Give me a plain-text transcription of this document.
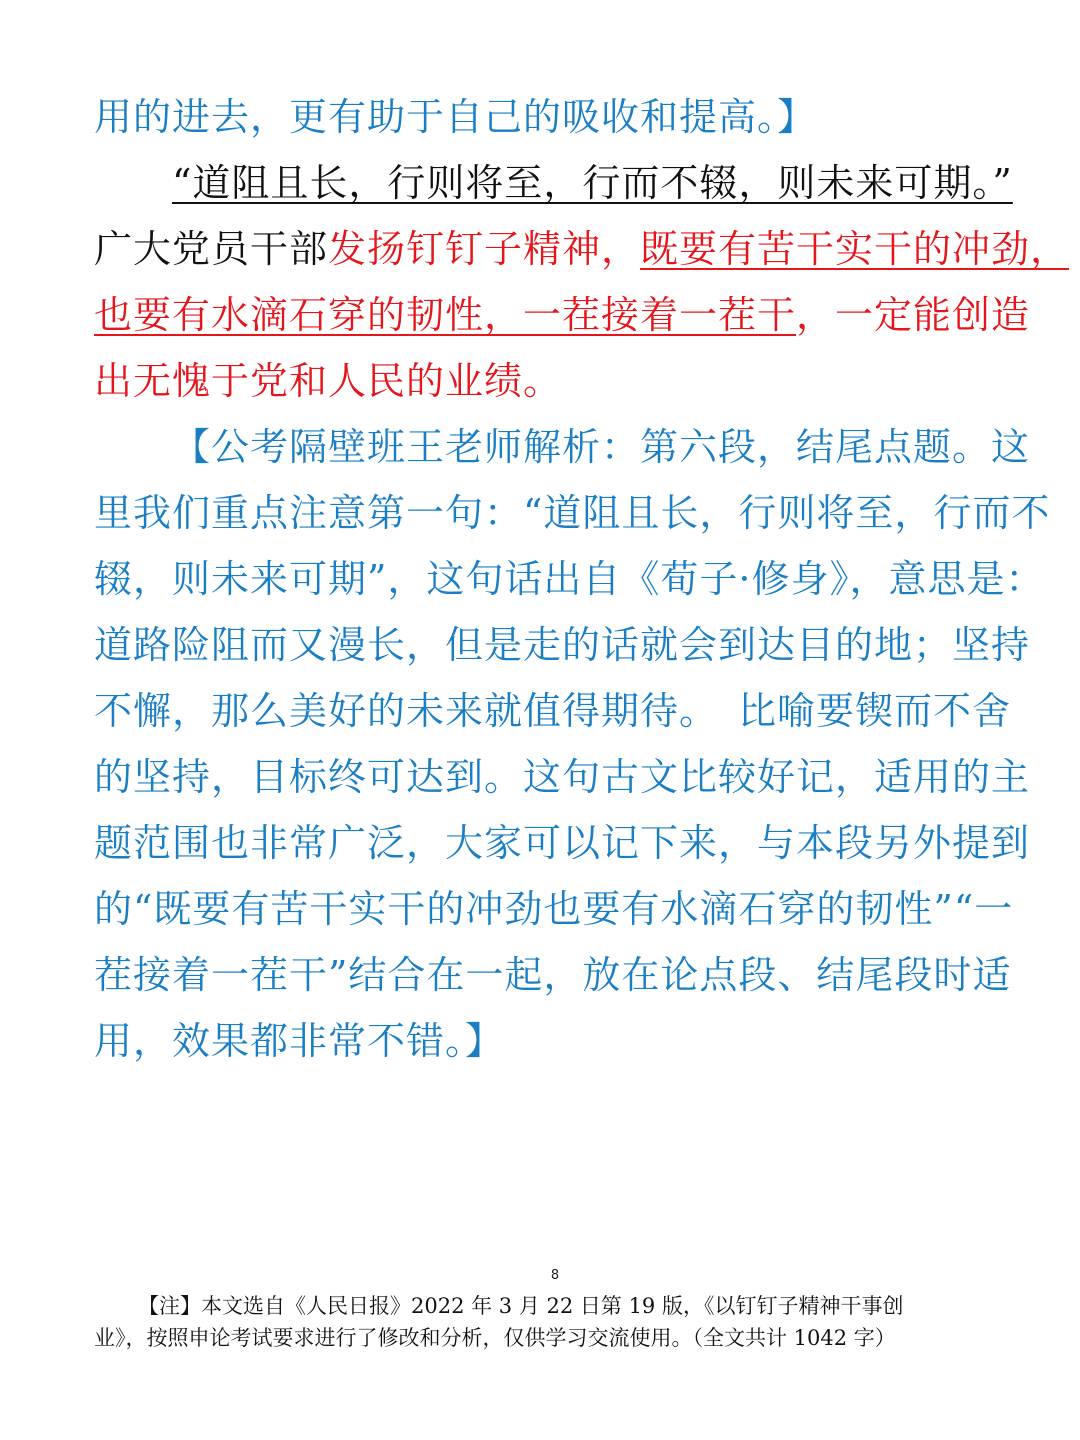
用的进去，更有助于自己的吸收和提高。】

“道阻且长，行则将至，行而不辍，则未来可期。”
广大党员干部发扬钉钉子精神，既要有苦干实干的冲劲，
也要有水滴石穿的韧性，一茬接着一茬干，一定能创造
出无愧于党和人民的业绩。

【公考隔壁班王老师解析：第六段，结尾点题。这
里我们重点注意第一句：“道阻且长，行则将至，行而不
辍，则未来可期”，这句话出自《荀子·修身》，意思是：
道路险阻而又漫长，但是走的话就会到达目的地；坚持
不懈，那么美好的未来就值得期待。　比喻要锲而不舍
的坚持，目标终可达到。这句古文比较好记，适用的主
题范围也非常广泛，大家可以记下来，与本段另外提到
的“既要有苦干实干的冲劲也要有水滴石穿的韧性”“一
茬接着一茬干”结合在一起，放在论点段、结尾段时适
用，效果都非常不错。】

8
【注】本文选自《人民日报》2022 年 3 月 22 日第 19 版，《以钉钉子精神干事创
业》，按照申论考试要求进行了修改和分析，仅供学习交流使用。（全文共计 1042 字）
